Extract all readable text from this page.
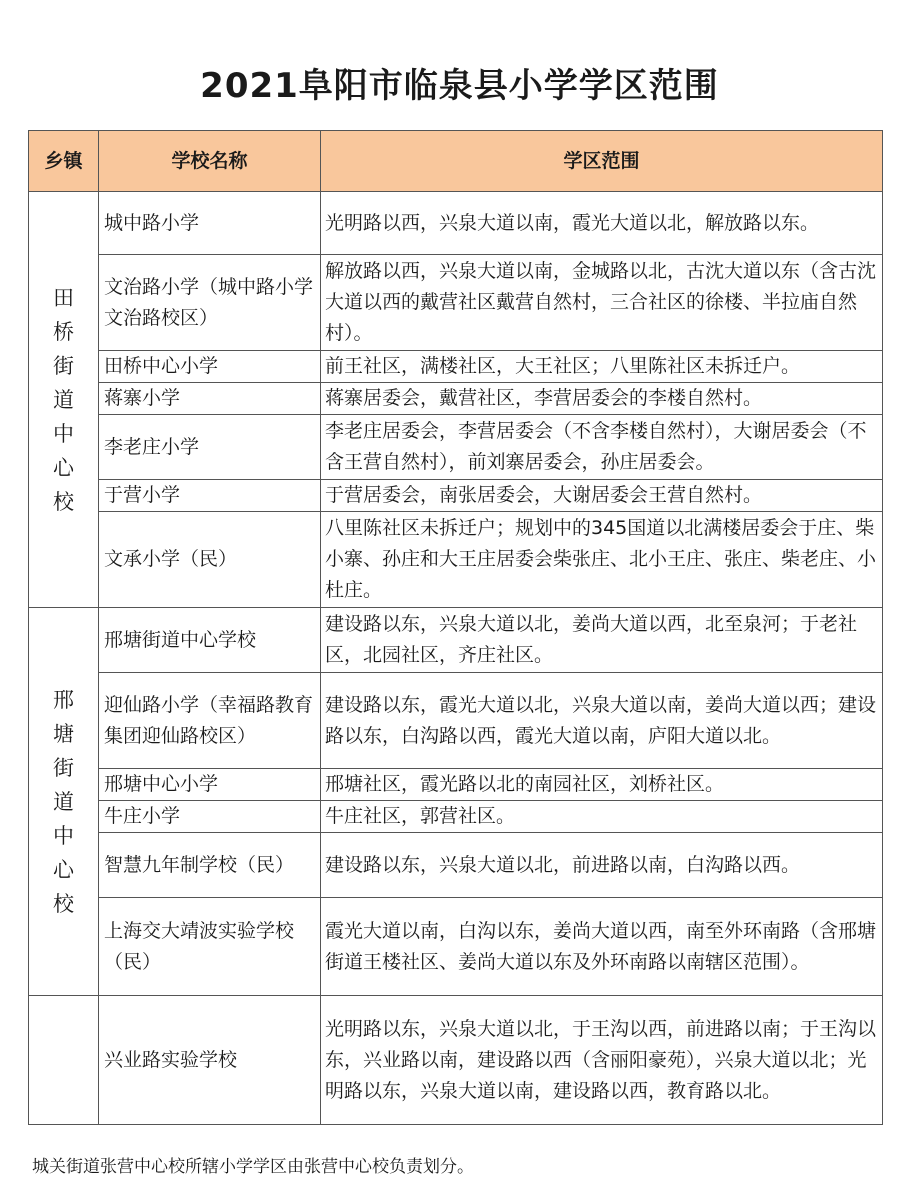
2021阜阳市临泉县小学学区范围
乡镇	学校名称	学区范围
田桥街道中心校	城中路小学	光明路以西，兴泉大道以南，霞光大道以北，解放路以东。
	文治路小学（城中路小学文治路校区）	解放路以西，兴泉大道以南，金城路以北，古沈大道以东（含古沈大道以西的戴营社区戴营自然村，三合社区的徐楼、半拉庙自然村）。
	田桥中心小学	前王社区，满楼社区，大王社区；八里陈社区未拆迁户。
	蒋寨小学	蒋寨居委会，戴营社区，李营居委会的李楼自然村。
	李老庄小学	李老庄居委会，李营居委会（不含李楼自然村），大谢居委会（不含王营自然村），前刘寨居委会，孙庄居委会。
	于营小学	于营居委会，南张居委会，大谢居委会王营自然村。
	文承小学（民）	八里陈社区未拆迁户；规划中的345国道以北满楼居委会于庄、柴小寨、孙庄和大王庄居委会柴张庄、北小王庄、张庄、柴老庄、小杜庄。
邢塘街道中心校	邢塘街道中心学校	建设路以东，兴泉大道以北，姜尚大道以西，北至泉河；于老社区，北园社区，齐庄社区。
	迎仙路小学（幸福路教育集团迎仙路校区）	建设路以东，霞光大道以北，兴泉大道以南，姜尚大道以西；建设路以东，白沟路以西，霞光大道以南，庐阳大道以北。
	邢塘中心小学	邢塘社区，霞光路以北的南园社区，刘桥社区。
	牛庄小学	牛庄社区，郭营社区。
	智慧九年制学校（民）	建设路以东，兴泉大道以北，前进路以南，白沟路以西。
	上海交大靖波实验学校（民）	霞光大道以南，白沟以东，姜尚大道以西，南至外环南路（含邢塘街道王楼社区、姜尚大道以东及外环南路以南辖区范围）。
	兴业路实验学校	光明路以东，兴泉大道以北，于王沟以西，前进路以南；于王沟以东，兴业路以南，建设路以西（含丽阳豪苑），兴泉大道以北；光明路以东，兴泉大道以南，建设路以西，教育路以北。
城关街道张营中心校所辖小学学区由张营中心校负责划分。
